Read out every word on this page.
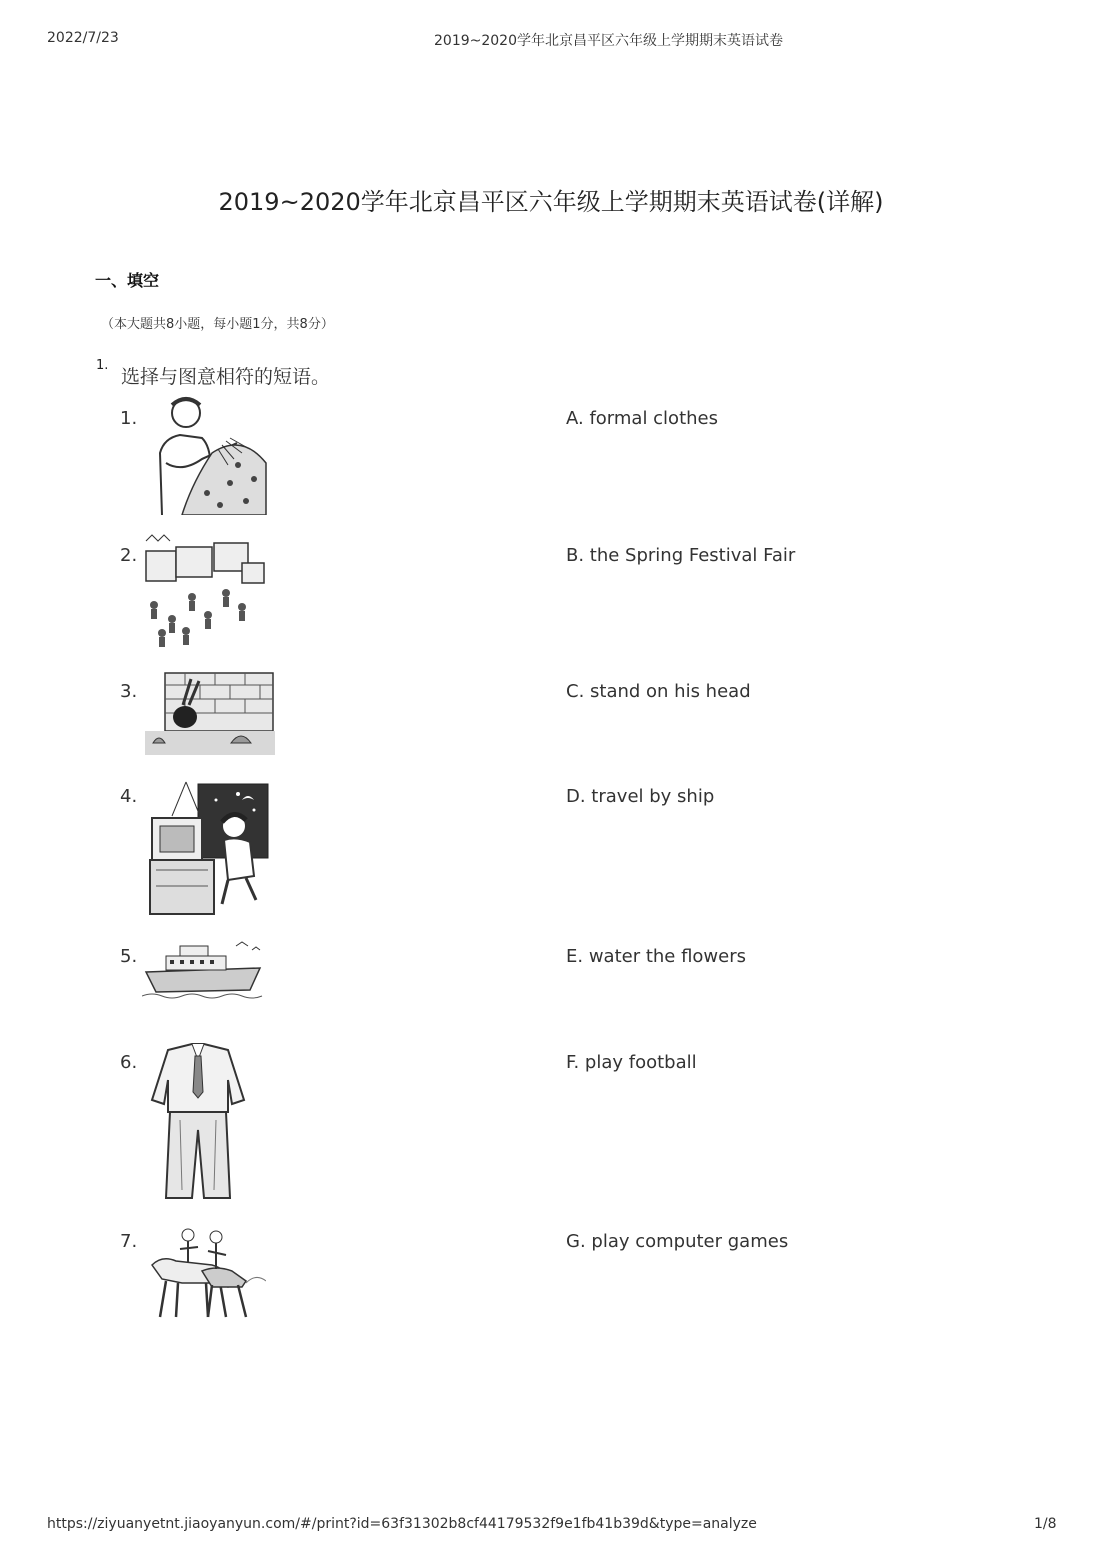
2022/7/23	2019~2020学年北京昌平区六年级上学期期末英语试卷
2019~2020学年北京昌平区六年级上学期期末英语试卷(详解)
一、填空
（本大题共8小题，每小题1分，共8分）
1.
选择与图意相符的短语。
1.
2.
3.
4.
5.
6.
7.
A. formal clothes
B. the Spring Festival Fair
C. stand on his head
D. travel by ship
E. water the flowers
F. play football
G. play computer games
https://ziyuanyetnt.jiaoyanyun.com/#/print?id=63f31302b8cf44179532f9e1fb41b39d&type=analyze	1/8
